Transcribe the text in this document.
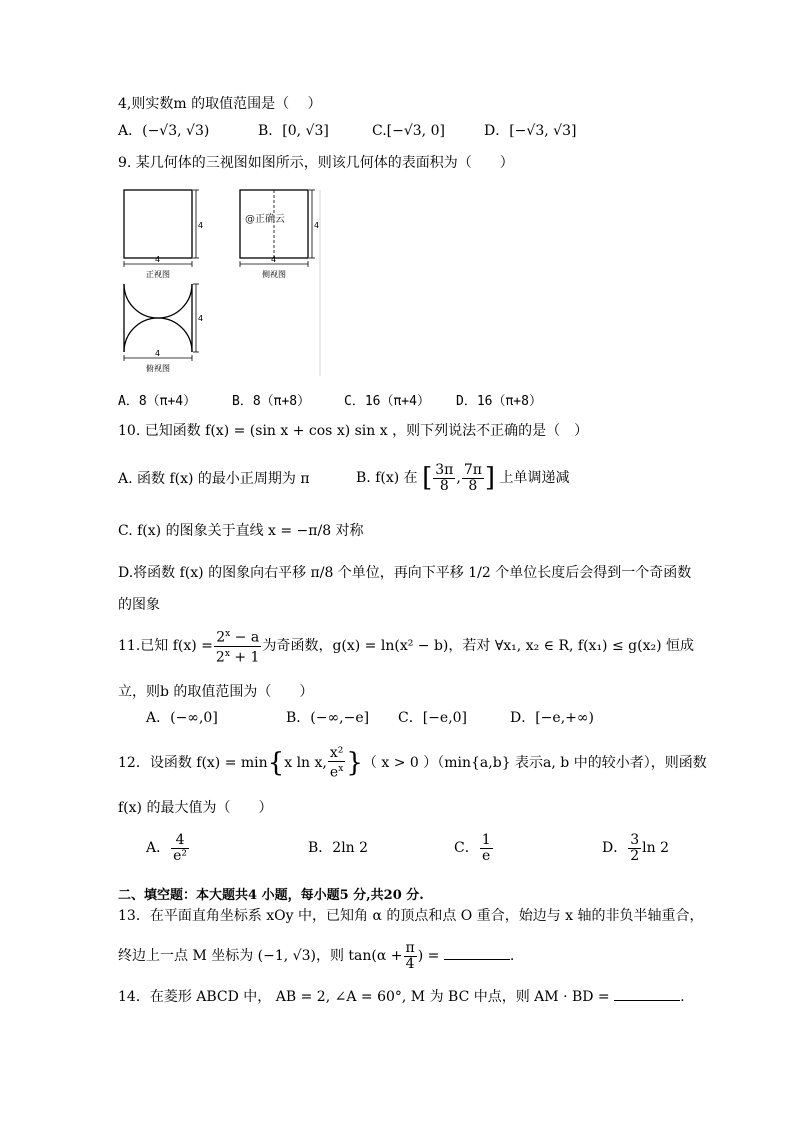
4,则实数m 的取值范围是（　 ）
A．(−√3, √3)	B．[0, √3]	C.[−√3, 0]	D．[−√3, √3]
9. 某几何体的三视图如图所示，则该几何体的表面积为（　　）
4
4
正视图
4
4
侧视图
@正确云
4
4
俯视图
A．8（π+4）	B．8（π+8）	C．16（π+4） D．16（π+8）
10. 已知函数 f(x) = (sin x + cos x) sin x ，则下列说法不正确的是（　）
A. 函数 f(x) 的最小正周期为 π	B. f(x) 在 [ $\frac{3\pi}{8}$ , $\frac{7\pi}{8}$ ] 上单调递减
C. f(x) 的图象关于直线 x = −π/8 对称
D.将函数 f(x) 的图象向右平移 π/8 个单位，再向下平移 1/2 个单位长度后会得到一个奇函数
的图象
11.已知 $f(x) = \frac{2^x - a}{2^x + 1}$ 为奇函数，g(x) = ln(x² − b)，若对 ∀x₁, x₂ ∈ R, f(x₁) ≤ g(x₂) 恒成
立，则b 的取值范围为（　　）
A．(−∞,0]	B．(−∞,−e] C．[−e,0]	D．[−e,+∞)
12．设函数 f(x) = min{x ln x, $\frac{\text{x²}}{e^x}$ }（ x > 0 ）（min{a,b} 表示a, b 中的较小者），则函数
f(x) 的最大值为（　　）
A． $\frac{4}{\text{e²}}$	B．2ln 2	C． $\frac{1}{e}$	D． $\frac{3}{2}$ ln 2
二、填空题：本大题共4 小题，每小题5 分,共20 分.
13．在平面直角坐标系 xOy 中，已知角 α 的顶点和点 O 重合，始边与 x 轴的非负半轴重合，
终边上一点 M 坐标为 (−1, √3)，则 $\tan(\alpha + \frac{\pi}{4}$ ) =	.
14．在菱形 ABCD 中， AB = 2, ∠A = 60°, M 为 BC 中点，则 AM · BD =	.
